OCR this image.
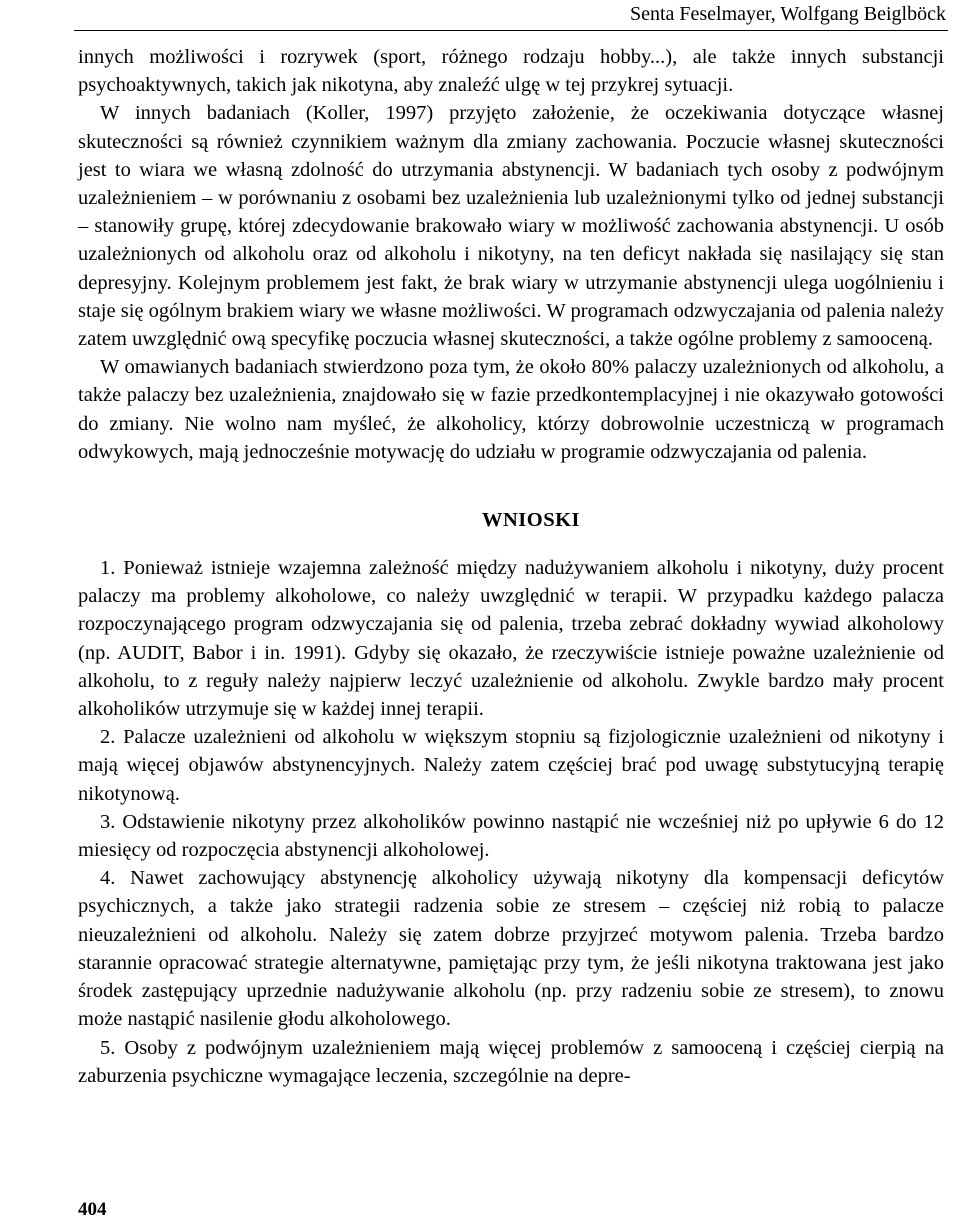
Senta Feselmayer, Wolfgang Beiglböck

innych możliwości i rozrywek (sport, różnego rodzaju hobby...), ale także innych substancji psychoaktywnych, takich jak nikotyna, aby znaleźć ulgę w tej przykrej sytuacji.

W innych badaniach (Koller, 1997) przyjęto założenie, że oczekiwania dotyczące własnej skuteczności są również czynnikiem ważnym dla zmiany zachowania. Poczucie własnej skuteczności jest to wiara we własną zdolność do utrzymania abstynencji. W badaniach tych osoby z podwójnym uzależnieniem – w porównaniu z osobami bez uzależnienia lub uzależnionymi tylko od jednej substancji – stanowiły grupę, której zdecydowanie brakowało wiary w możliwość zachowania abstynencji. U osób uzależnionych od alkoholu oraz od alkoholu i nikotyny, na ten deficyt nakłada się nasilający się stan depresyjny. Kolejnym problemem jest fakt, że brak wiary w utrzymanie abstynencji ulega uogólnieniu i staje się ogólnym brakiem wiary we własne możliwości. W programach odzwyczajania od palenia należy zatem uwzględnić ową specyfikę poczucia własnej skuteczności, a także ogólne problemy z samooceną.

W omawianych badaniach stwierdzono poza tym, że około 80% palaczy uzależnionych od alkoholu, a także palaczy bez uzależnienia, znajdowało się w fazie przedkontemplacyjnej i nie okazywało gotowości do zmiany. Nie wolno nam myśleć, że alkoholicy, którzy dobrowolnie uczestniczą w programach odwykowych, mają jednocześnie motywację do udziału w programie odzwyczajania od palenia.

WNIOSKI

1. Ponieważ istnieje wzajemna zależność między nadużywaniem alkoholu i nikotyny, duży procent palaczy ma problemy alkoholowe, co należy uwzględnić w terapii. W przypadku każdego palacza rozpoczynającego program odzwyczajania się od palenia, trzeba zebrać dokładny wywiad alkoholowy (np. AUDIT, Babor i in. 1991). Gdyby się okazało, że rzeczywiście istnieje poważne uzależnienie od alkoholu, to z reguły należy najpierw leczyć uzależnienie od alkoholu. Zwykle bardzo mały procent alkoholików utrzymuje się w każdej innej terapii.

2. Palacze uzależnieni od alkoholu w większym stopniu są fizjologicznie uzależnieni od nikotyny i mają więcej objawów abstynencyjnych. Należy zatem częściej brać pod uwagę substytucyjną terapię nikotynową.

3. Odstawienie nikotyny przez alkoholików powinno nastąpić nie wcześniej niż po upływie 6 do 12 miesięcy od rozpoczęcia abstynencji alkoholowej.

4. Nawet zachowujący abstynencję alkoholicy używają nikotyny dla kompensacji deficytów psychicznych, a także jako strategii radzenia sobie ze stresem – częściej niż robią to palacze nieuzależnieni od alkoholu. Należy się zatem dobrze przyjrzeć motywom palenia. Trzeba bardzo starannie opracować strategie alternatywne, pamiętając przy tym, że jeśli nikotyna traktowana jest jako środek zastępujący uprzednie nadużywanie alkoholu (np. przy radzeniu sobie ze stresem), to znowu może nastąpić nasilenie głodu alkoholowego.

5. Osoby z podwójnym uzależnieniem mają więcej problemów z samooceną i częściej cierpią na zaburzenia psychiczne wymagające leczenia, szczególnie na depre-

404
